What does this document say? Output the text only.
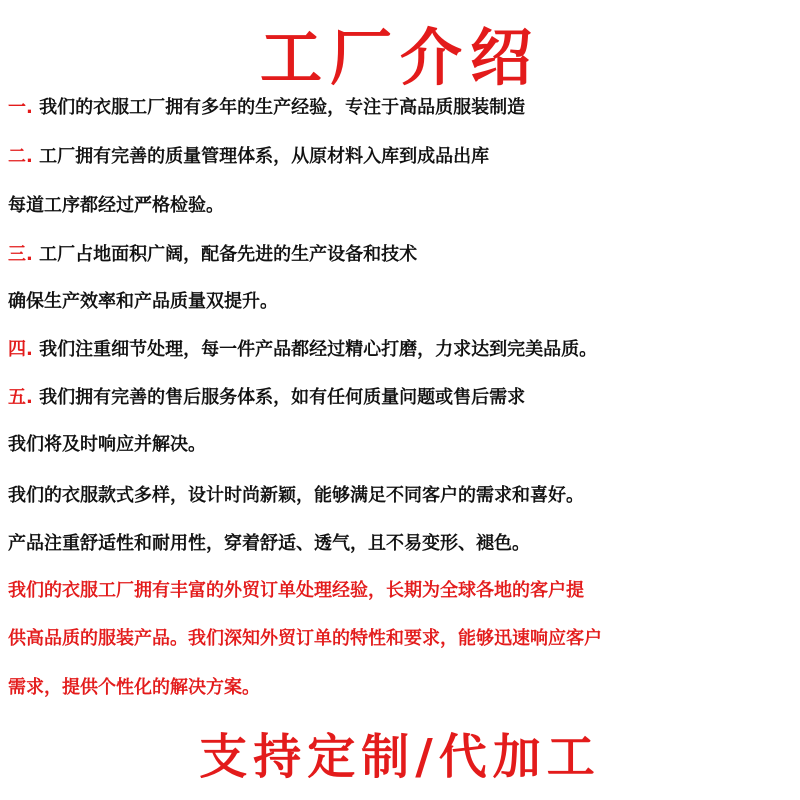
工厂介绍
一. 我们的衣服工厂拥有多年的生产经验，专注于高品质服装制造
二. 工厂拥有完善的质量管理体系，从原材料入库到成品出库
每道工序都经过严格检验。
三. 工厂占地面积广阔，配备先进的生产设备和技术
确保生产效率和产品质量双提升。
四. 我们注重细节处理，每一件产品都经过精心打磨，力求达到完美品质。
五. 我们拥有完善的售后服务体系，如有任何质量问题或售后需求
我们将及时响应并解决。
我们的衣服款式多样，设计时尚新颖，能够满足不同客户的需求和喜好。
产品注重舒适性和耐用性，穿着舒适、透气，且不易变形、褪色。
我们的衣服工厂拥有丰富的外贸订单处理经验，长期为全球各地的客户提
供高品质的服装产品。我们深知外贸订单的特性和要求，能够迅速响应客户
需求，提供个性化的解决方案。
支持定制/代加工
